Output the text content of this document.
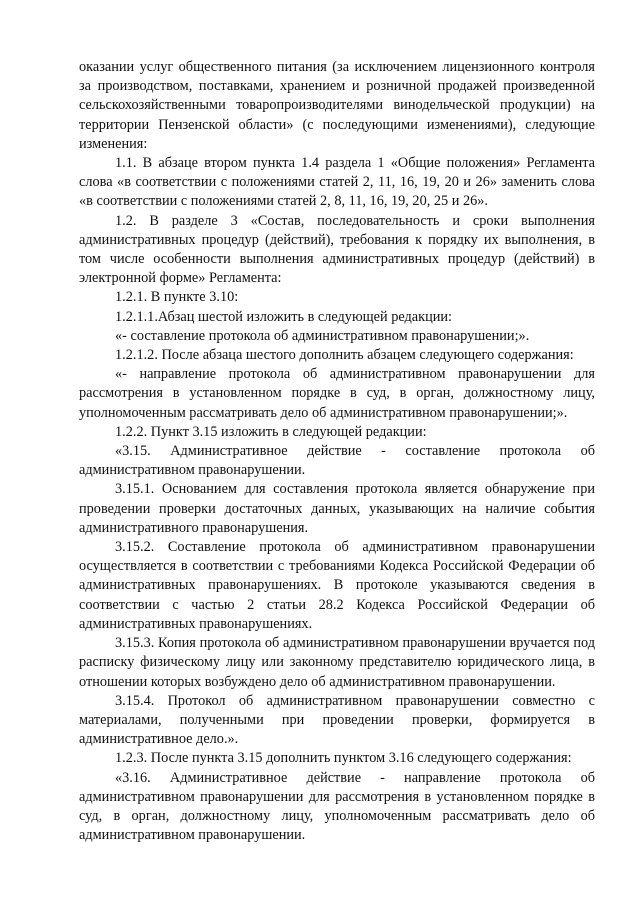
оказании услуг общественного питания (за исключением лицензионного контроля за производством, поставками, хранением и розничной продажей произведенной сельскохозяйственными товаропроизводителями винодельческой продукции) на территории Пензенской области» (с последующими изменениями), следующие изменения:

1.1. В абзаце втором пункта 1.4 раздела 1 «Общие положения» Регламента слова «в соответствии с положениями статей 2, 11, 16, 19, 20 и 26» заменить слова «в соответствии с положениями статей 2, 8, 11, 16, 19, 20, 25 и 26».

1.2. В разделе 3 «Состав, последовательность и сроки выполнения административных процедур (действий), требования к порядку их выполнения, в том числе особенности выполнения административных процедур (действий) в электронной форме» Регламента:

1.2.1. В пункте 3.10:

1.2.1.1.Абзац шестой изложить в следующей редакции:

«- составление протокола об административном правонарушении;».

1.2.1.2. После абзаца шестого дополнить абзацем следующего содержания:

«- направление протокола об административном правонарушении для рассмотрения в установленном порядке в суд, в орган, должностному лицу, уполномоченным рассматривать дело об административном правонарушении;».

1.2.2. Пункт 3.15 изложить в следующей редакции:

«3.15. Административное действие - составление протокола об административном правонарушении.

3.15.1. Основанием для составления протокола является обнаружение при проведении проверки достаточных данных, указывающих на наличие события административного правонарушения.

3.15.2. Составление протокола об административном правонарушении осуществляется в соответствии с требованиями Кодекса Российской Федерации об административных правонарушениях. В протоколе указываются сведения в соответствии с частью 2 статьи 28.2 Кодекса Российской Федерации об административных правонарушениях.

3.15.3. Копия протокола об административном правонарушении вручается под расписку физическому лицу или законному представителю юридического лица, в отношении которых возбуждено дело об административном правонарушении.

3.15.4. Протокол об административном правонарушении совместно с материалами, полученными при проведении проверки, формируется в административное дело.».

1.2.3. После пункта 3.15 дополнить пунктом 3.16 следующего содержания:

«3.16. Административное действие - направление протокола об административном правонарушении для рассмотрения в установленном порядке в суд, в орган, должностному лицу, уполномоченным рассматривать дело об административном правонарушении.
